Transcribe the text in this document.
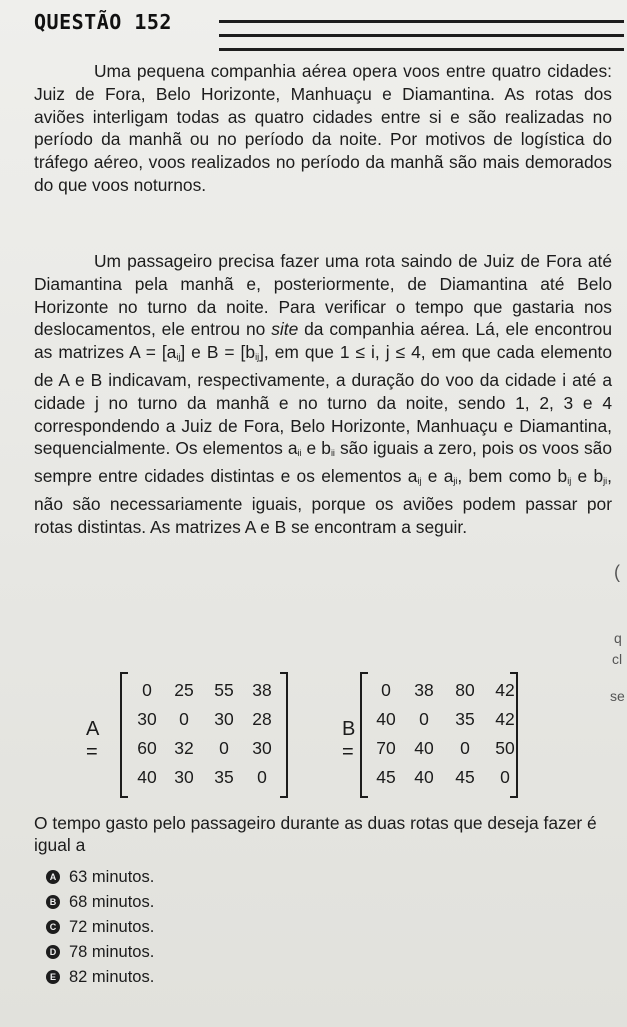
QUESTÃO 152

Uma pequena companhia aérea opera voos entre quatro cidades: Juiz de Fora, Belo Horizonte, Manhuaçu e Diamantina. As rotas dos aviões interligam todas as quatro cidades entre si e são realizadas no período da manhã ou no período da noite. Por motivos de logística do tráfego aéreo, voos realizados no período da manhã são mais demorados do que voos noturnos.

Um passageiro precisa fazer uma rota saindo de Juiz de Fora até Diamantina pela manhã e, posteriormente, de Diamantina até Belo Horizonte no turno da noite. Para verificar o tempo que gastaria nos deslocamentos, ele entrou no site da companhia aérea. Lá, ele encontrou as matrizes $A = [a_{ij}]$ e $B = [b_{ij}]$, em que 1 ≤ i, j ≤ 4, em que cada elemento de A e B indicavam, respectivamente, a duração do voo da cidade i até a cidade j no turno da manhã e no turno da noite, sendo 1, 2, 3 e 4 correspondendo a Juiz de Fora, Belo Horizonte, Manhuaçu e Diamantina, sequencialmente. Os elementos $a_{ii}$ e $b_{ii}$ são iguais a zero, pois os voos são sempre entre cidades distintas e os elementos $a_{ij}$ e $a_{ji}$, bem como $b_{ij}$ e $b_{ji}$, não são necessariamente iguais, porque os aviões podem passar por rotas distintas. As matrizes A e B se encontram a seguir.

(
q
cl
se
A =
0	25	55	38
30	0	30	28
60	32	0	30
40	30	35	0
B =
0	38	80	42
40	0	35	42
70	40	0	50
45	40	45	0

O tempo gasto pelo passageiro durante as duas rotas que deseja fazer é igual a

A 63 minutos.
B 68 minutos.
C 72 minutos.
D 78 minutos.
E 82 minutos.
